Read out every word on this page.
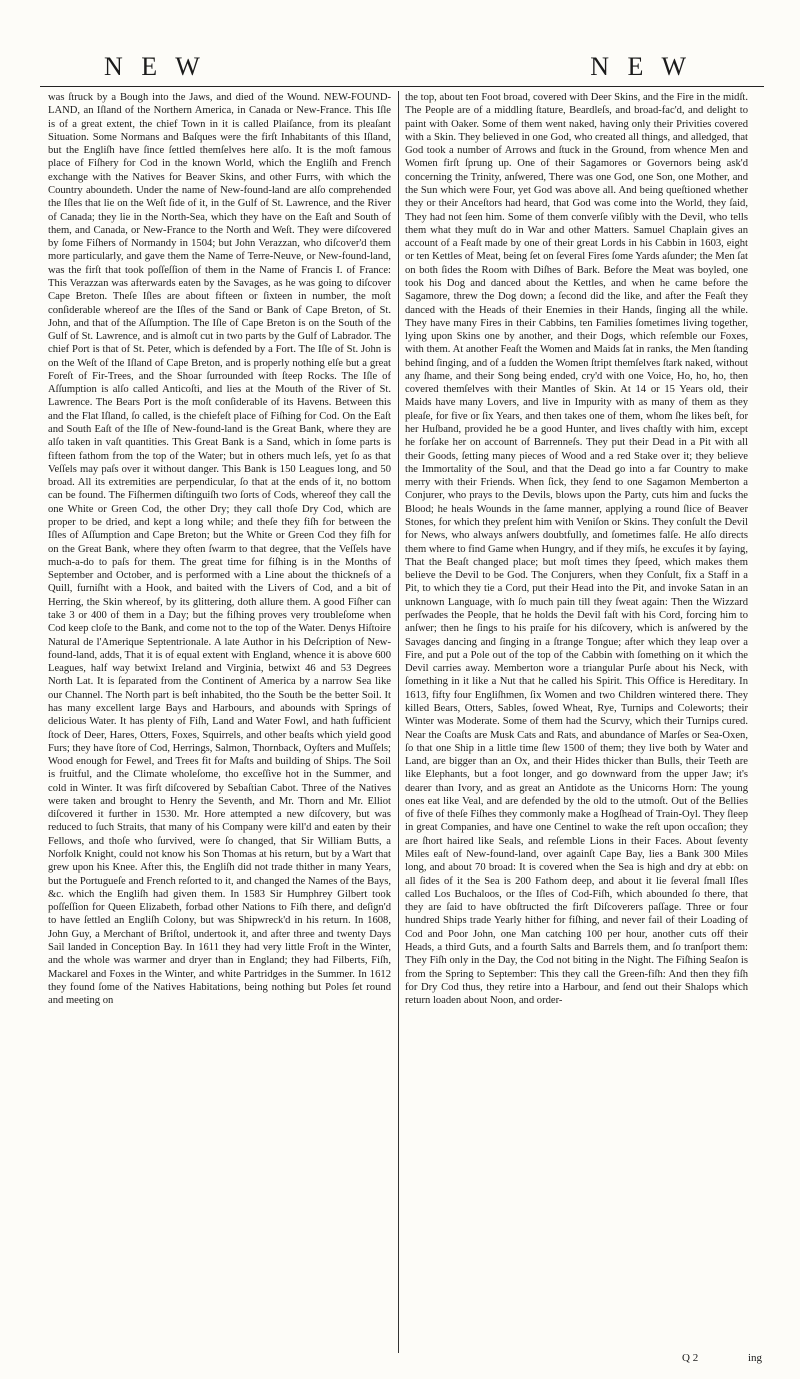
N E W	N E W

was ſtruck by a Bough into the Jaws, and died of the Wound. NEW-FOUND-LAND, an Iſland of the Northern America, in Canada or New-France. This Iſle is of a great extent, the chief Town in it is called Plaiſance, from its pleaſant Situation. Some Normans and Baſques were the firſt Inhabitants of this Iſland, but the Engliſh have ſince ſettled themſelves here alſo. It is the moſt famous place of Fiſhery for Cod in the known World, which the Engliſh and French exchange with the Natives for Beaver Skins, and other Furrs, with which the Country aboundeth. Under the name of New-found-land are alſo comprehended the Iſles that lie on the Weſt ſide of it, in the Gulf of St. Lawrence, and the River of Canada; they lie in the North-Sea, which they have on the Eaſt and South of them, and Canada, or New-France to the North and Weſt. They were diſcovered by ſome Fiſhers of Normandy in 1504; but John Verazzan, who diſcover'd them more particularly, and gave them the Name of Terre-Neuve, or New-found-land, was the firſt that took poſſeſſion of them in the Name of Francis I. of France: This Verazzan was afterwards eaten by the Savages, as he was going to diſcover Cape Breton. Theſe Iſles are about fifteen or ſixteen in number, the moſt conſiderable whereof are the Iſles of the Sand or Bank of Cape Breton, of St. John, and that of the Aſſumption. The Iſle of Cape Breton is on the South of the Gulf of St. Lawrence, and is almoſt cut in two parts by the Gulf of Labrador. The chief Port is that of St. Peter, which is defended by a Fort. The Iſle of St. John is on the Weſt of the Iſland of Cape Breton, and is properly nothing elſe but a great Foreſt of Fir-Trees, and the Shoar ſurrounded with ſteep Rocks. The Iſle of Aſſumption is alſo called Anticoſti, and lies at the Mouth of the River of St. Lawrence. The Bears Port is the moſt conſiderable of its Havens. Between this and the Flat Iſland, ſo called, is the chiefeſt place of Fiſhing for Cod. On the Eaſt and South Eaſt of the Iſle of New-found-land is the Great Bank, where they are alſo taken in vaſt quantities. This Great Bank is a Sand, which in ſome parts is fifteen fathom from the top of the Water; but in others much leſs, yet ſo as that Veſſels may paſs over it without danger. This Bank is 150 Leagues long, and 50 broad. All its extremities are perpendicular, ſo that at the ends of it, no bottom can be found. The Fiſhermen diſtinguiſh two ſorts of Cods, whereof they call the one White or Green Cod, the other Dry; they call thoſe Dry Cod, which are proper to be dried, and kept a long while; and theſe they fiſh for between the Iſles of Aſſumption and Cape Breton; but the White or Green Cod they fiſh for on the Great Bank, where they often ſwarm to that degree, that the Veſſels have much-a-do to paſs for them. The great time for fiſhing is in the Months of September and October, and is performed with a Line about the thickneſs of a Quill, furniſht with a Hook, and baited with the Livers of Cod, and a bit of Herring, the Skin whereof, by its glittering, doth allure them. A good Fiſher can take 3 or 400 of them in a Day; but the fiſhing proves very troubleſome when Cod keep cloſe to the Bank, and come not to the top of the Water. Denys Hiſtoire Natural de l'Amerique Septentrionale. A late Author in his Deſcription of New-found-land, adds, That it is of equal extent with England, whence it is above 600 Leagues, half way betwixt Ireland and Virginia, betwixt 46 and 53 Degrees North Lat. It is ſeparated from the Continent of America by a narrow Sea like our Channel. The North part is beſt inhabited, tho the South be the better Soil. It has many excellent large Bays and Harbours, and abounds with Springs of delicious Water. It has plenty of Fiſh, Land and Water Fowl, and hath ſufficient ſtock of Deer, Hares, Otters, Foxes, Squirrels, and other beaſts which yield good Furs; they have ſtore of Cod, Herrings, Salmon, Thornback, Oyſters and Muſſels; Wood enough for Fewel, and Trees fit for Maſts and building of Ships. The Soil is fruitful, and the Climate wholeſome, tho exceſſive hot in the Summer, and cold in Winter. It was firſt diſcovered by Sebaſtian Cabot. Three of the Natives were taken and brought to Henry the Seventh, and Mr. Thorn and Mr. Elliot diſcovered it further in 1530. Mr. Hore attempted a new diſcovery, but was reduced to ſuch Straits, that many of his Company were kill'd and eaten by their Fellows, and thoſe who ſurvived, were ſo changed, that Sir William Butts, a Norfolk Knight, could not know his Son Thomas at his return, but by a Wart that grew upon his Knee. After this, the Engliſh did not trade thither in many Years, but the Portugueſe and French reſorted to it, and changed the Names of the Bays, &c. which the Engliſh had given them. In 1583 Sir Humphrey Gilbert took poſſeſſion for Queen Elizabeth, forbad other Nations to Fiſh there, and deſign'd to have ſettled an Engliſh Colony, but was Shipwreck'd in his return. In 1608, John Guy, a Merchant of Briſtol, undertook it, and after three and twenty Days Sail landed in Conception Bay. In 1611 they had very little Froſt in the Winter, and the whole was warmer and dryer than in England; they had Filberts, Fiſh, Mackarel and Foxes in the Winter, and white Partridges in the Summer. In 1612 they found ſome of the Natives Habitations, being nothing but Poles ſet round and meeting on

the top, about ten Foot broad, covered with Deer Skins, and the Fire in the midſt. The People are of a middling ſtature, Beardleſs, and broad-fac'd, and delight to paint with Oaker. Some of them went naked, having only their Privities covered with a Skin. They believed in one God, who created all things, and alledged, that God took a number of Arrows and ſtuck in the Ground, from whence Men and Women firſt ſprung up. One of their Sagamores or Governors being ask'd concerning the Trinity, anſwered, There was one God, one Son, one Mother, and the Sun which were Four, yet God was above all. And being queſtioned whether they or their Anceſtors had heard, that God was come into the World, they ſaid, They had not ſeen him. Some of them converſe viſibly with the Devil, who tells them what they muſt do in War and other Matters. Samuel Chaplain gives an account of a Feaſt made by one of their great Lords in his Cabbin in 1603, eight or ten Kettles of Meat, being ſet on ſeveral Fires ſome Yards aſunder; the Men ſat on both ſides the Room with Diſhes of Bark. Before the Meat was boyled, one took his Dog and danced about the Kettles, and when he came before the Sagamore, threw the Dog down; a ſecond did the like, and after the Feaſt they danced with the Heads of their Enemies in their Hands, ſinging all the while. They have many Fires in their Cabbins, ten Families ſometimes living together, lying upon Skins one by another, and their Dogs, which reſemble our Foxes, with them. At another Feaſt the Women and Maids ſat in ranks, the Men ſtanding behind ſinging, and of a ſudden the Women ſtript themſelves ſtark naked, without any ſhame, and their Song being ended, cry'd with one Voice, Ho, ho, ho, then covered themſelves with their Mantles of Skin. At 14 or 15 Years old, their Maids have many Lovers, and live in Impurity with as many of them as they pleaſe, for five or ſix Years, and then takes one of them, whom ſhe likes beſt, for her Huſband, provided he be a good Hunter, and lives chaſtly with him, except he forſake her on account of Barrenneſs. They put their Dead in a Pit with all their Goods, ſetting many pieces of Wood and a red Stake over it; they believe the Immortality of the Soul, and that the Dead go into a far Country to make merry with their Friends. When ſick, they ſend to one Sagamon Memberton a Conjurer, who prays to the Devils, blows upon the Party, cuts him and ſucks the Blood; he heals Wounds in the ſame manner, applying a round ſlice of Beaver Stones, for which they preſent him with Veniſon or Skins. They conſult the Devil for News, who always anſwers doubtfully, and ſometimes falſe. He alſo directs them where to find Game when Hungry, and if they miſs, he excuſes it by ſaying, That the Beaſt changed place; but moſt times they ſpeed, which makes them believe the Devil to be God. The Conjurers, when they Conſult, fix a Staff in a Pit, to which they tie a Cord, put their Head into the Pit, and invoke Satan in an unknown Language, with ſo much pain till they ſweat again: Then the Wizzard perſwades the People, that he holds the Devil faſt with his Cord, forcing him to anſwer; then he ſings to his praiſe for his diſcovery, which is anſwered by the Savages dancing and ſinging in a ſtrange Tongue; after which they leap over a Fire, and put a Pole out of the top of the Cabbin with ſomething on it which the Devil carries away. Memberton wore a triangular Purſe about his Neck, with ſomething in it like a Nut that he called his Spirit. This Office is Hereditary. In 1613, fifty four Engliſhmen, ſix Women and two Children wintered there. They killed Bears, Otters, Sables, ſowed Wheat, Rye, Turnips and Coleworts; their Winter was Moderate. Some of them had the Scurvy, which their Turnips cured. Near the Coaſts are Musk Cats and Rats, and abundance of Marſes or Sea-Oxen, ſo that one Ship in a little time ſlew 1500 of them; they live both by Water and Land, are bigger than an Ox, and their Hides thicker than Bulls, their Teeth are like Elephants, but a foot longer, and go downward from the upper Jaw; it's dearer than Ivory, and as great an Antidote as the Unicorns Horn: The young ones eat like Veal, and are defended by the old to the utmoſt. Out of the Bellies of five of theſe Fiſhes they commonly make a Hogſhead of Train-Oyl. They ſleep in great Companies, and have one Centinel to wake the reſt upon occaſion; they are ſhort haired like Seals, and reſemble Lions in their Faces. About ſeventy Miles eaſt of New-found-land, over againſt Cape Bay, lies a Bank 300 Miles long, and about 70 broad: It is covered when the Sea is high and dry at ebb: on all ſides of it the Sea is 200 Fathom deep, and about it lie ſeveral ſmall Iſles called Los Buchaloos, or the Iſles of Cod-Fiſh, which abounded ſo there, that they are ſaid to have obſtructed the firſt Diſcoverers paſſage. Three or four hundred Ships trade Yearly hither for fiſhing, and never fail of their Loading of Cod and Poor John, one Man catching 100 per hour, another cuts off their Heads, a third Guts, and a fourth Salts and Barrels them, and ſo tranſport them: They Fiſh only in the Day, the Cod not biting in the Night. The Fiſhing Seaſon is from the Spring to September: This they call the Green-fiſh: And then they fiſh for Dry Cod thus, they retire into a Harbour, and ſend out their Shalops which return loaden about Noon, and order-

Q 2	ing
